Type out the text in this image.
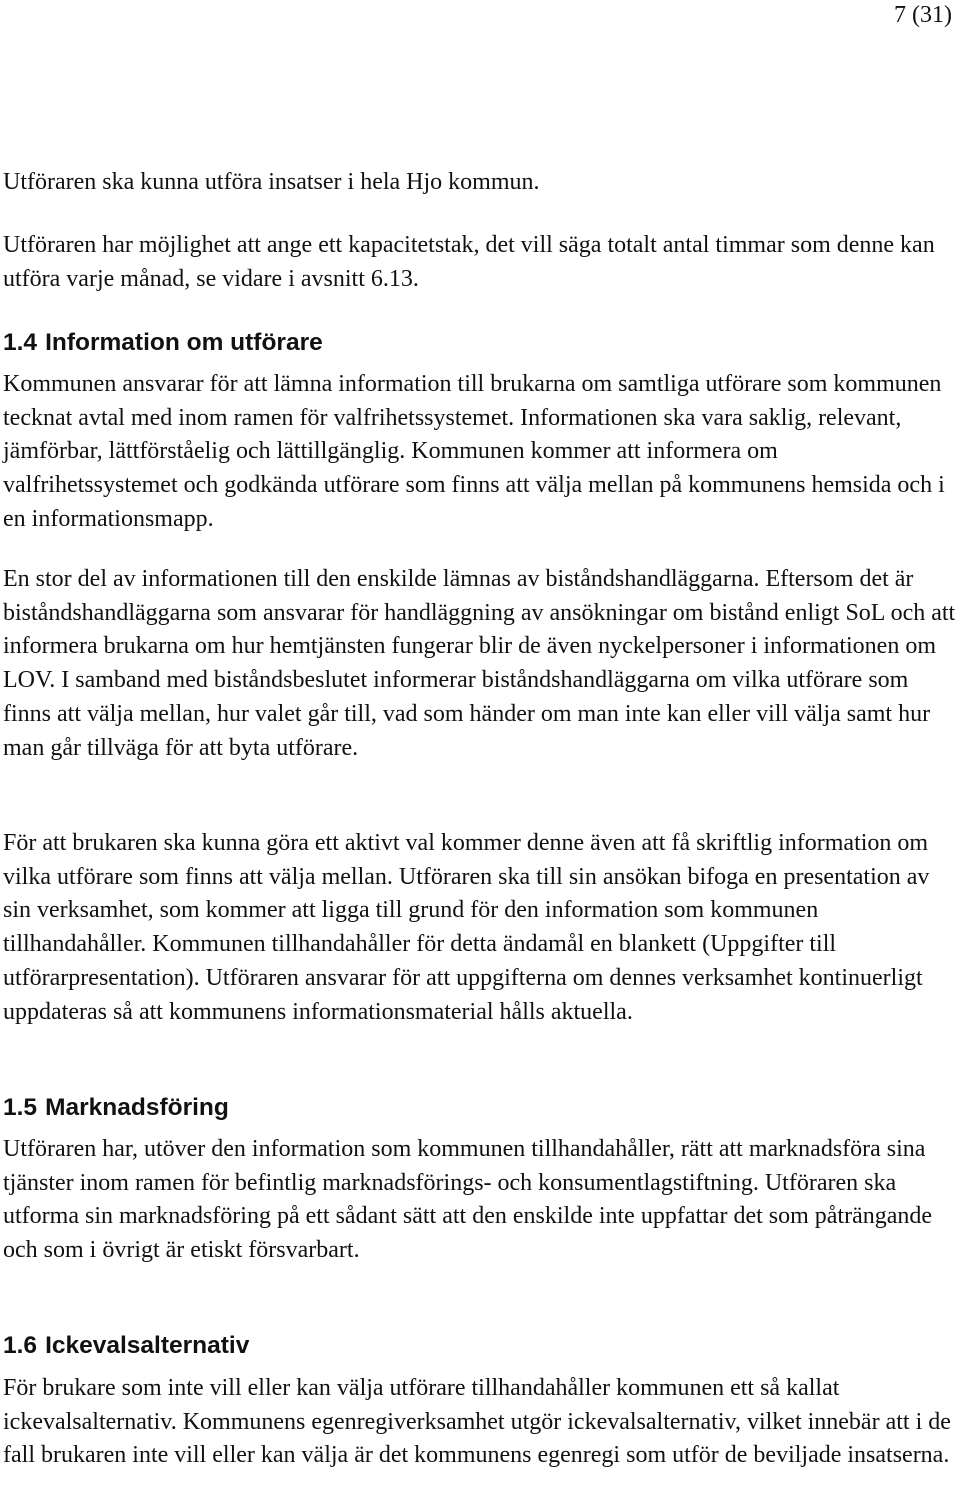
7 (31)

Utföraren ska kunna utföra insatser i hela Hjo kommun.

Utföraren har möjlighet att ange ett kapacitetstak, det vill säga totalt antal timmar som denne kan utföra varje månad, se vidare i avsnitt 6.13.

1.4 Information om utförare

Kommunen ansvarar för att lämna information till brukarna om samtliga utförare som kommunen tecknat avtal med inom ramen för valfrihetssystemet. Informationen ska vara saklig, relevant, jämförbar, lättförståelig och lättillgänglig. Kommunen kommer att informera om valfrihetssystemet och godkända utförare som finns att välja mellan på kommunens hemsida och i en informationsmapp.

En stor del av informationen till den enskilde lämnas av biståndshandläggarna. Eftersom det är biståndshandläggarna som ansvarar för handläggning av ansökningar om bistånd enligt SoL och att informera brukarna om hur hemtjänsten fungerar blir de även nyckelpersoner i informationen om LOV. I samband med biståndsbeslutet informerar biståndshandläggarna om vilka utförare som finns att välja mellan, hur valet går till, vad som händer om man inte kan eller vill välja samt hur man går tillväga för att byta utförare.

För att brukaren ska kunna göra ett aktivt val kommer denne även att få skriftlig information om vilka utförare som finns att välja mellan. Utföraren ska till sin ansökan bifoga en presentation av sin verksamhet, som kommer att ligga till grund för den information som kommunen tillhandahåller. Kommunen tillhandahåller för detta ändamål en blankett (Uppgifter till utförarpresentation). Utföraren ansvarar för att uppgifterna om dennes verksamhet kontinuerligt uppdateras så att kommunens informationsmaterial hålls aktuella.

1.5 Marknadsföring

Utföraren har, utöver den information som kommunen tillhandahåller, rätt att marknadsföra sina tjänster inom ramen för befintlig marknadsförings- och konsumentlagstiftning. Utföraren ska utforma sin marknadsföring på ett sådant sätt att den enskilde inte uppfattar det som påträngande och som i övrigt är etiskt försvarbart.

1.6 Ickevalsalternativ

För brukare som inte vill eller kan välja utförare tillhandahåller kommunen ett så kallat ickevalsalternativ. Kommunens egenregiverksamhet utgör ickevalsalternativ, vilket innebär att i de fall brukaren inte vill eller kan välja är det kommunens egenregi som utför de beviljade insatserna.
